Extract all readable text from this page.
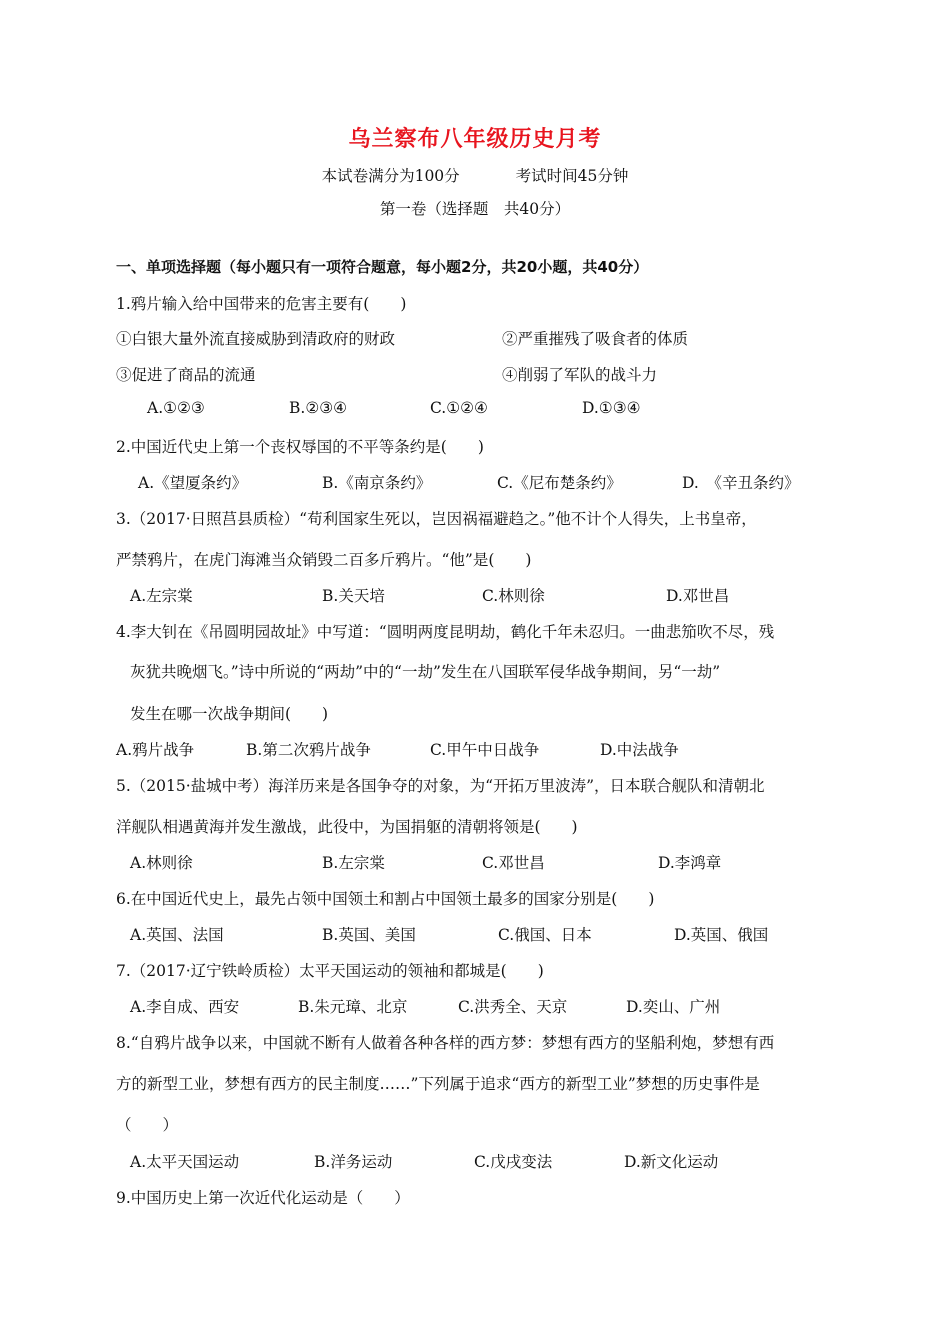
乌兰察布八年级历史月考
本试卷满分为100分	考试时间45分钟
第一卷（选择题　共40分）
一、单项选择题（每小题只有一项符合题意，每小题2分，共20小题，共40分）
1.鸦片输入给中国带来的危害主要有(　　)
①白银大量外流直接威胁到清政府的财政	②严重摧残了吸食者的体质
③促进了商品的流通	④削弱了军队的战斗力
A.①②③	B.②③④	C.①②④	D.①③④
2.中国近代史上第一个丧权辱国的不平等条约是(　　)
A.《望厦条约》	B.《南京条约》	C.《尼布楚条约》	D.　《辛丑条约》
3.（2017·日照莒县质检）“苟利国家生死以，岂因祸福避趋之。”他不计个人得失，上书皇帝，
严禁鸦片，在虎门海滩当众销毁二百多斤鸦片。“他”是(　　)
A.左宗棠	B.关天培	C.林则徐	D.邓世昌
4.李大钊在《吊圆明园故址》中写道：“圆明两度昆明劫，鹤化千年未忍归。一曲悲笳吹不尽，残
灰犹共晚烟飞。”诗中所说的“两劫”中的“一劫”发生在八国联军侵华战争期间，另“一劫”
发生在哪一次战争期间(　　)
A.鸦片战争	B.第二次鸦片战争	C.甲午中日战争	D.中法战争
5.（2015·盐城中考）海洋历来是各国争夺的对象，为“开拓万里波涛”，日本联合舰队和清朝北
洋舰队相遇黄海并发生激战，此役中，为国捐躯的清朝将领是(　　)
A.林则徐	B.左宗棠	C.邓世昌	D.李鸿章
6.在中国近代史上，最先占领中国领土和割占中国领土最多的国家分别是(　　)
A.英国、法国	B.英国、美国	C.俄国、日本	D.英国、俄国
7.（2017·辽宁铁岭质检）太平天国运动的领袖和都城是(　　)
A.李自成、西安	B.朱元璋、北京	C.洪秀全、天京	D.奕山、广州
8.“自鸦片战争以来，中国就不断有人做着各种各样的西方梦：梦想有西方的坚船利炮，梦想有西
方的新型工业，梦想有西方的民主制度……”下列属于追求“西方的新型工业”梦想的历史事件是
（　　）
A.太平天国运动	B.洋务运动	C.戊戌变法	D.新文化运动
9.中国历史上第一次近代化运动是（　　）
